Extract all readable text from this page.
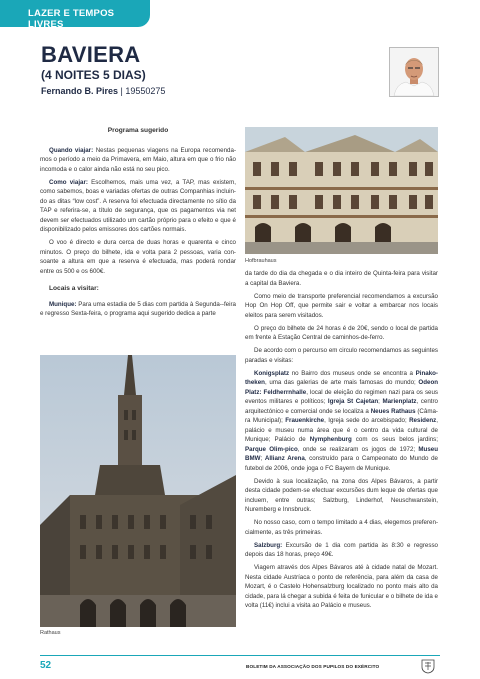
LAZER E TEMPOS LIVRES
BAVIERA
(4 NOITES 5 DIAS)
Fernando B. Pires | 19550275

Programa sugerido

Quando viajar: Nestas pequenas viagens na Europa recomenda-mos o período a meio da Primavera, em Maio, altura em que o frio não incomoda e o calor ainda não está no seu pico.

Como viajar: Escolhemos, mais uma vez, a TAP, mas existem, como sabemos, boas e variadas ofertas de outras Companhias incluin-do as ditas “low cost”. A reserva foi efectuada directamente no sítio da TAP e referira-se, a título de segurança, que os pagamentos via net devem ser efectuados utilizado um cartão próprio para o efeito e que é disponibilizado pelos emissores dos cartões normais.

O voo é directo e dura cerca de duas horas e quarenta e cinco minutos. O preço do bilhete, ida e volta para 2 pessoas, varia con-soante a altura em que a reserva é efectuada, mas poderá rondar entre os 500 e os 600€.

Locais a visitar:

Munique: Para uma estadia de 5 dias com partida à Segunda--feira e regresso Sexta-feira, o programa aqui sugerido dedica a parte

Rathaus
Hofbrauhaus

da tarde do dia da chegada e o dia inteiro de Quinta-feira para visitar a capital da Baviera.

Como meio de transporte preferencial recomendamos a excursão Hop On Hop Off, que permite sair e voltar a embarcar nos locais eleitos para serem visitados.

O preço do bilhete de 24 horas é de 20€, sendo o local de partida em frente à Estação Central de caminhos-de-ferro.

De acordo com o percurso em circulo recomendamos as seguintes paradas e visitas:

Konigsplatz no Bairro dos museus onde se encontra a Pinako-theken, uma das galerias de arte mais famosas do mundo; Odeon Platz: Feldherrnhalle, local de eleição do regimen nazi para os seus eventos militares e políticos; Igreja St Cajetan; Marienplatz, centro arquitectónico e comercial onde se localiza a Neues Rathaus (Câma-ra Municipal); Frauenkirche, Igreja sede do arcebispado; Residenz, palácio e museu numa área que é o centro da vida cultural de Munique; Palácio de Nymphenburg com os seus belos jardins; Parque Olim-pico, onde se realizaram os jogos de 1972; Museu BMW; Allianz Arena, construído para o Campeonato do Mundo de futebol de 2006, onde joga o FC Bayern de Munique.

Devido à sua localização, na zona dos Alpes Bávaros, a partir desta cidade podem-se efectuar excursões dum leque de ofertas que incluem, entre outras; Salzburg, Linderhof, Neuschwanstein, Nuremberg e Innsbruck.

No nosso caso, com o tempo limitado a 4 dias, elegemos preferen-cialmente, as três primeiras.

Salzburg: Excursão de 1 dia com partida às 8:30 e regresso depois das 18 horas, preço 49€.

Viagem através dos Alpes Bávaros até à cidade natal de Mozart. Nesta cidade Austríaca o ponto de referência, para além da casa de Mozart, é o Castelo Hohensalzburg localizado no ponto mais alto da cidade, para lá chegar a subida é feita de funicular e o bilhete de ida e volta (11€) inclui a visita ao Palácio e museus.

52	BOLETIM DA ASSOCIAÇÃO DOS PUPILOS DO EXÉRCITO
